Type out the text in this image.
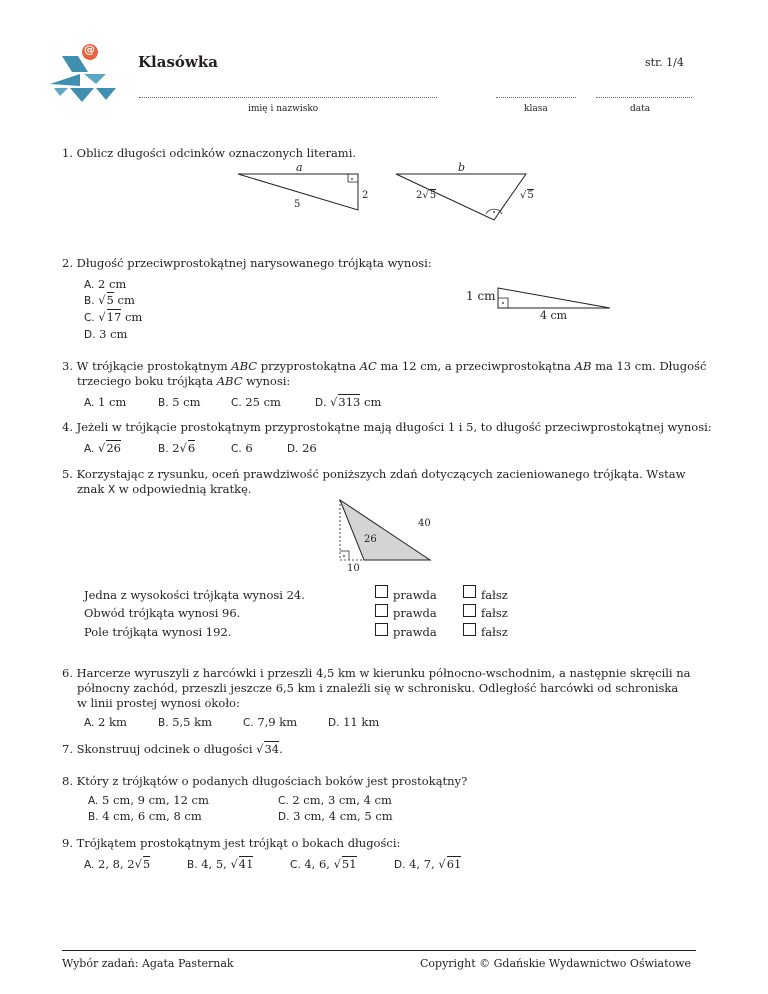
@
Klasówka	str. 1/4
imię i nazwisko	klasa	data
1. Oblicz długości odcinków oznaczonych literami.
a
2
5
b
2√5	√5
2. Długość przeciwprostokątnej narysowanego trójkąta wynosi:
A. 2 cm
B. √5 cm
C. √17 cm
D. 3 cm
1 cm
4 cm
3. W trójkącie prostokątnym ABC przyprostokątna AC ma 12 cm, a przeciwprostokątna AB ma 13 cm. Długość
trzeciego boku trójkąta ABC wynosi:
A. 1 cm	B. 5 cm	C. 25 cm	D. √313 cm
4. Jeżeli w trójkącie prostokątnym przyprostokątne mają długości 1 i 5, to długość przeciwprostokątnej wynosi:
A. √26	B. 2√6	C. 6	D. 26
5. Korzystając z rysunku, oceń prawdziwość poniższych zdań dotyczących zacieniowanego trójkąta. Wstaw
znak X w odpowiednią kratkę.
40
26
10
Jedna z wysokości trójkąta wynosi 24.	prawda	fałsz
Obwód trójkąta wynosi 96.	prawda	fałsz
Pole trójkąta wynosi 192.	prawda	fałsz
6. Harcerze wyruszyli z harcówki i przeszli 4,5 km w kierunku północno-wschodnim, a następnie skręcili na
północny zachód, przeszli jeszcze 6,5 km i znaleźli się w schronisku. Odległość harcówki od schroniska
w linii prostej wynosi około:
A. 2 km	B. 5,5 km	C. 7,9 km	D. 11 km
7. Skonstruuj odcinek o długości √34.
8. Który z trójkątów o podanych długościach boków jest prostokątny?
A. 5 cm, 9 cm, 12 cm
B. 4 cm, 6 cm, 8 cm
C. 2 cm, 3 cm, 4 cm
D. 3 cm, 4 cm, 5 cm
9. Trójkątem prostokątnym jest trójkąt o bokach długości:
A. 2, 8, 2√5	B. 4, 5, √41	C. 4, 6, √51	D. 4, 7, √61
Wybór zadań: Agata Pasternak	Copyright © Gdańskie Wydawnictwo Oświatowe
